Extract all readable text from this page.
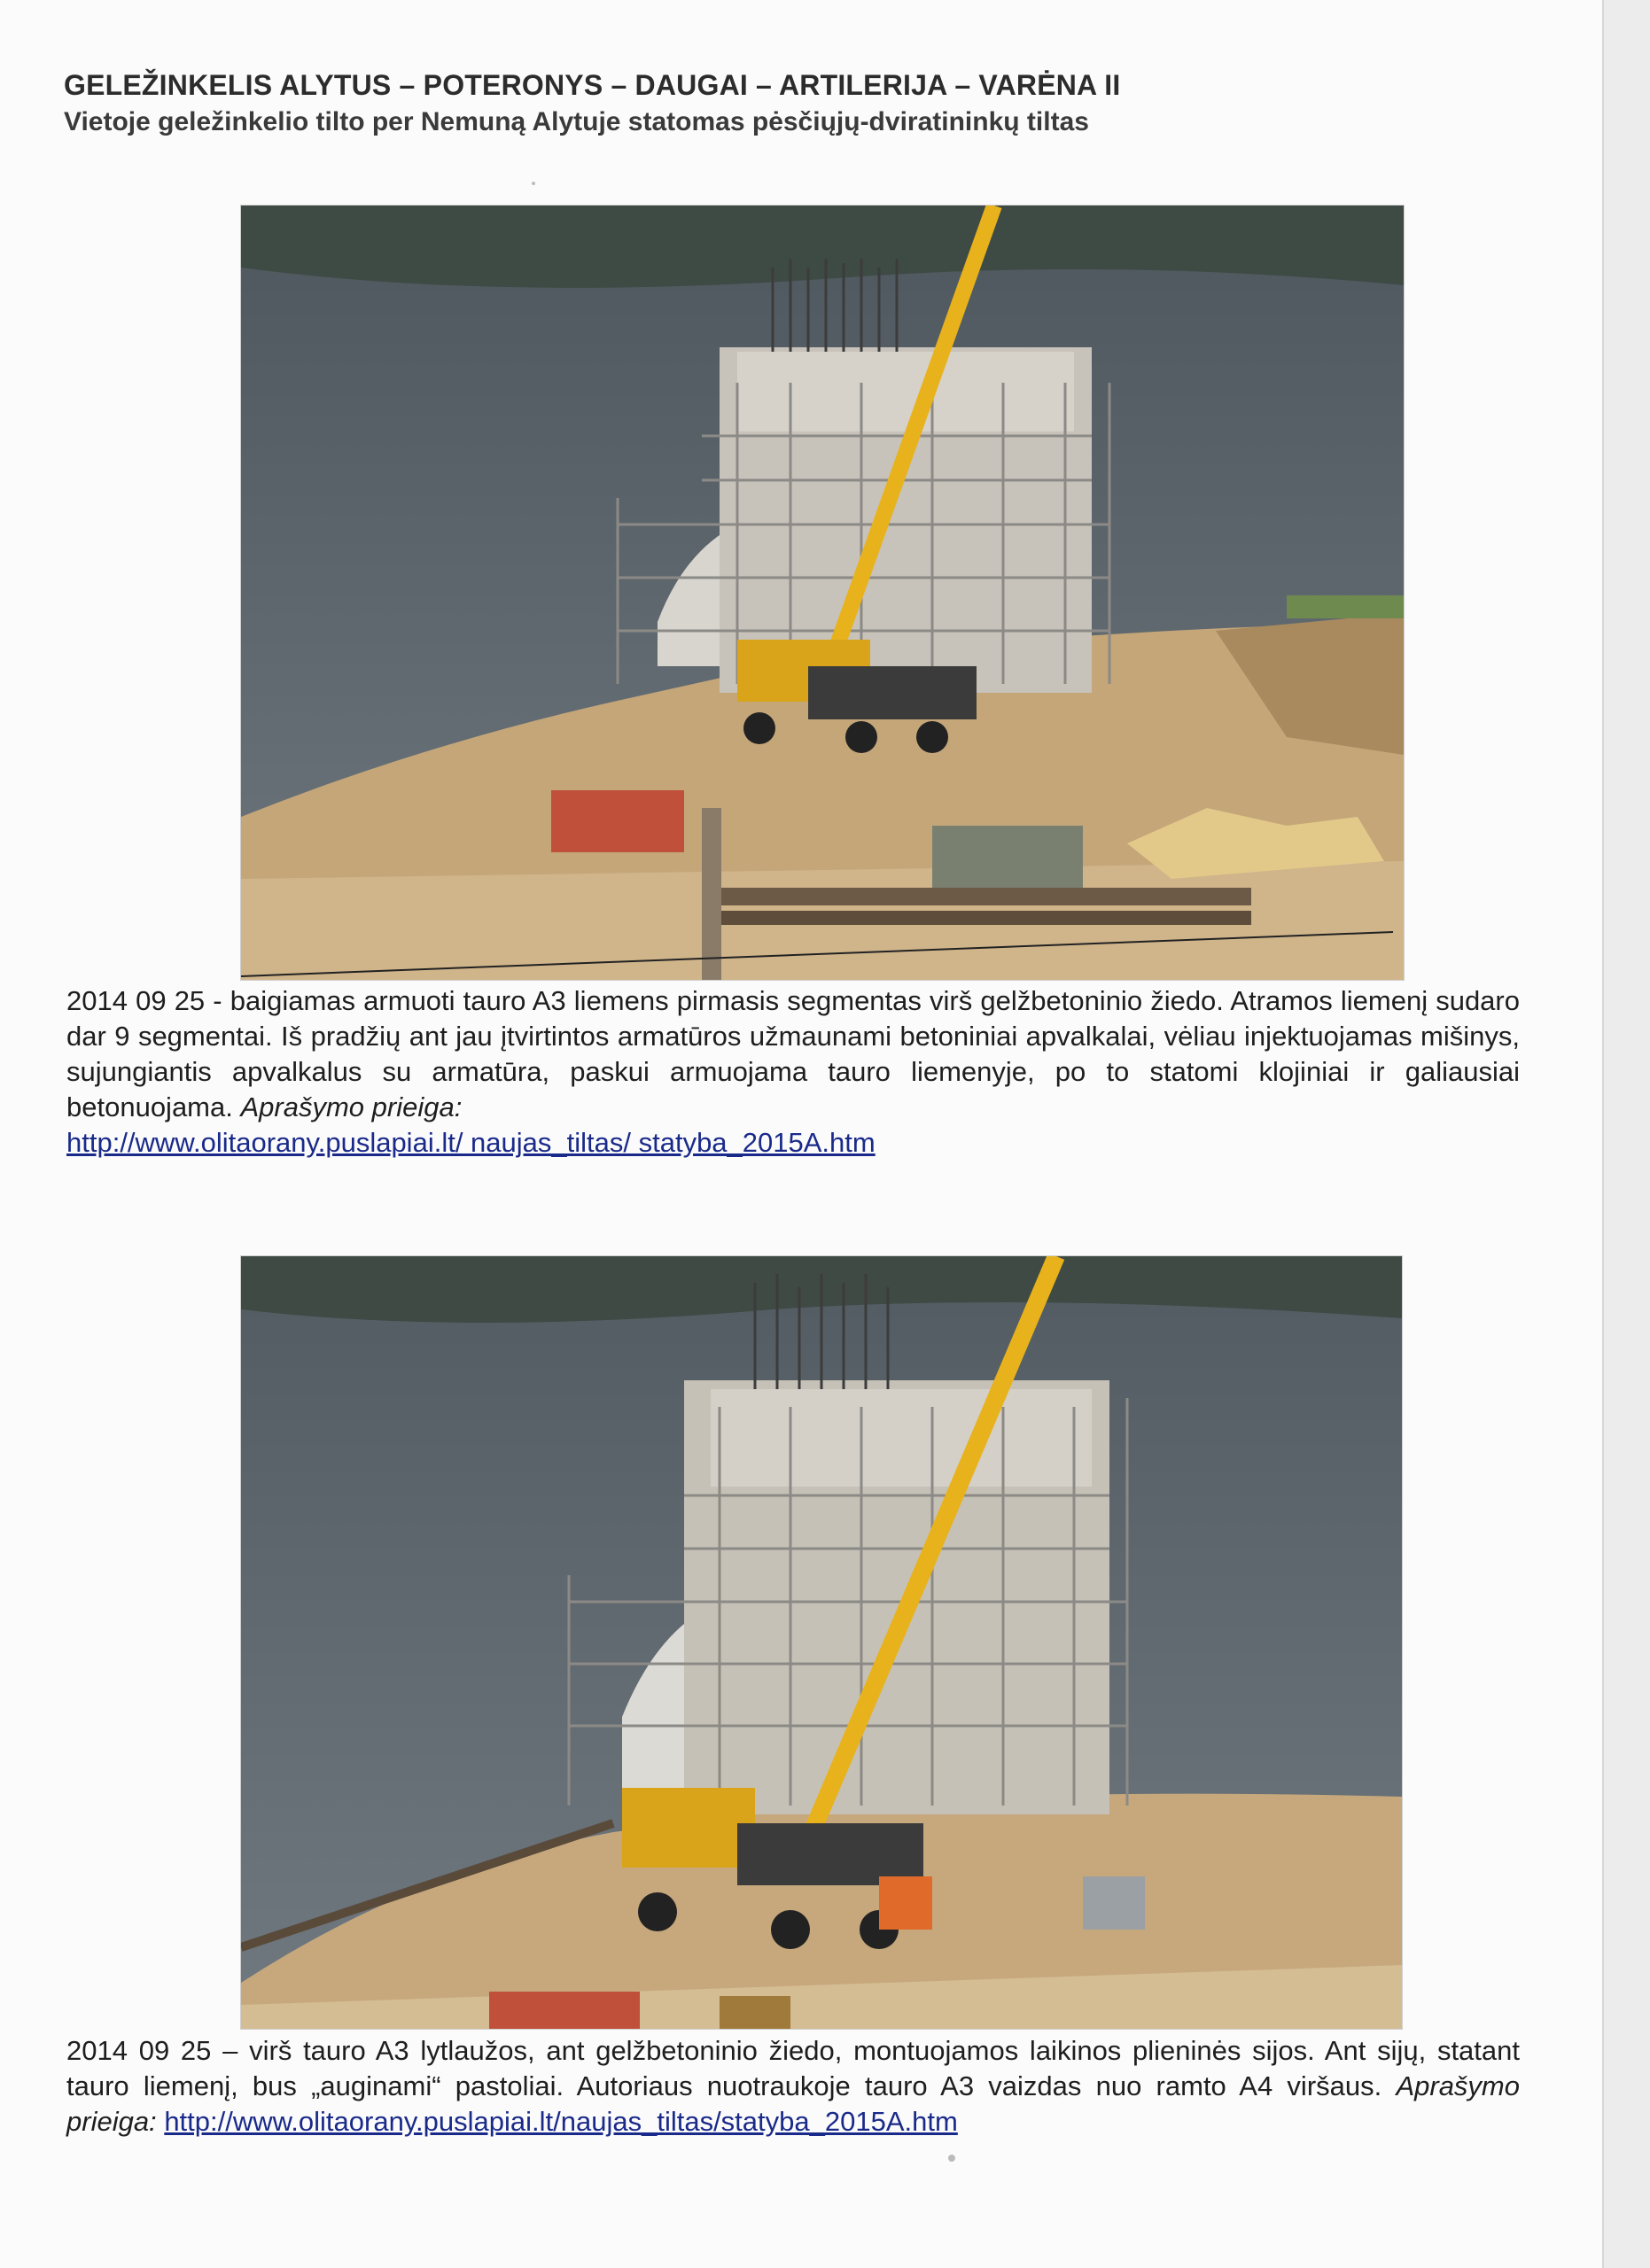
GELEŽINKELIS ALYTUS – POTERONYS – DAUGAI – ARTILERIJA – VARĖNA II
Vietoje geležinkelio tilto per Nemuną Alytuje statomas pėsčiųjų-dviratininkų tiltas
2014 09 25 - baigiamas armuoti tauro A3 liemens pirmasis segmentas virš gelžbetoninio žiedo. Atramos liemenį sudaro dar 9 segmentai. Iš pradžių ant jau įtvirtintos armatūros užmaunami betoniniai apvalkalai, vėliau injektuojamas mišinys, sujungiantis apvalkalus su armatūra, paskui armuojama tauro liemenyje, po to statomi klojiniai ir galiausiai betonuojama. Aprašymo prieiga:
http://www.olitaorany.puslapiai.lt/ naujas_tiltas/ statyba_2015A.htm
2014 09 25 – virš tauro A3 lytlaužos, ant gelžbetoninio žiedo, montuojamos laikinos plieninės sijos. Ant sijų, statant tauro liemenį, bus „auginami“ pastoliai. Autoriaus nuotraukoje tauro A3 vaizdas nuo ramto A4 viršaus. Aprašymo prieiga: http://www.olitaorany.puslapiai.lt/naujas_tiltas/statyba_2015A.htm
